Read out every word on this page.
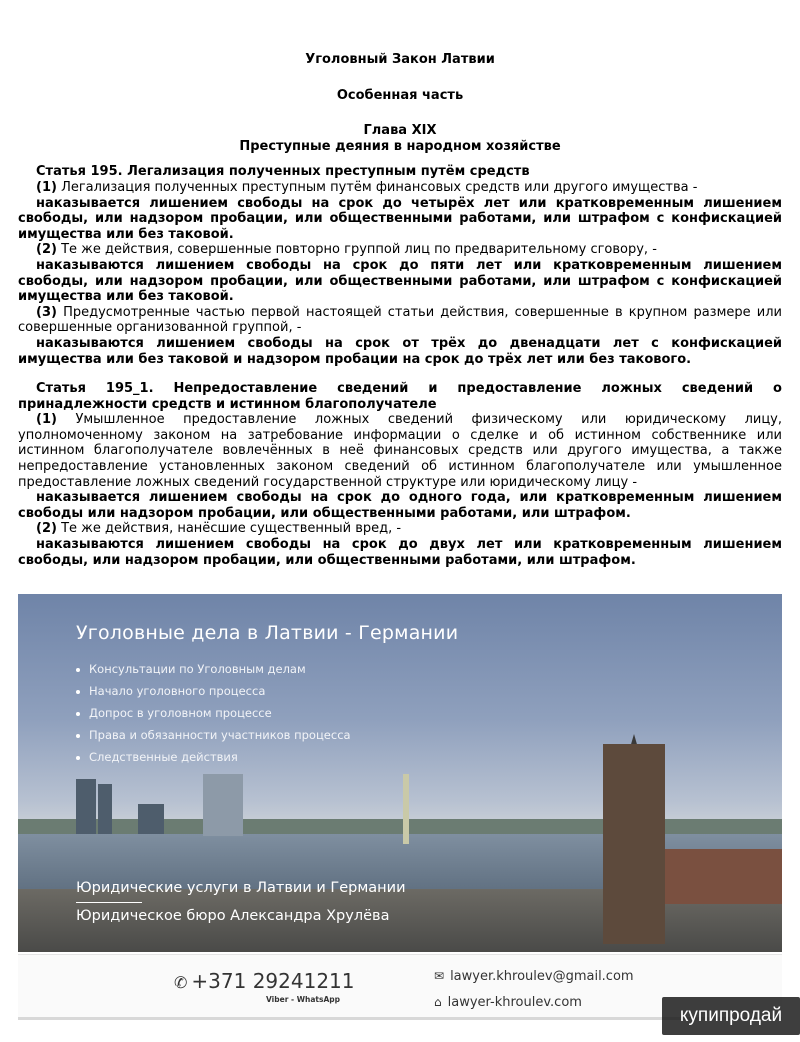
Уголовный Закон Латвии
Особенная часть
Глава XIX
Преступные деяния в народном хозяйстве
Статья 195. Легализация полученных преступным путём средств
(1) Легализация полученных преступным путём финансовых средств или другого имущества -
наказывается лишением свободы на срок до четырёх лет или кратковременным лишением свободы, или надзором пробации, или общественными работами, или штрафом с конфискацией имущества или без таковой.
(2) Те же действия, совершенные повторно группой лиц по предварительному сговору, -
наказываются лишением свободы на срок до пяти лет или кратковременным лишением свободы, или надзором пробации, или общественными работами, или штрафом с конфискацией имущества или без таковой.
(3) Предусмотренные частью первой настоящей статьи действия, совершенные в крупном размере или совершенные организованной группой, -
наказываются лишением свободы на срок от трёх до двенадцати лет с конфискацией имущества или без таковой и надзором пробации на срок до трёх лет или без такового.
Статья 195_1. Непредоставление сведений и предоставление ложных сведений о принадлежности средств и истинном благополучателе
(1) Умышленное предоставление ложных сведений физическому или юридическому лицу, уполномоченному законом на затребование информации о сделке и об истинном собственнике или истинном благополучателе вовлечённых в неё финансовых средств или другого имущества, а также непредоставление установленных законом сведений об истинном благополучателе или умышленное предоставление ложных сведений государственной структуре или юридическому лицу -
наказывается лишением свободы на срок до одного года, или кратковременным лишением свободы или надзором пробации, или общественными работами, или штрафом.
(2) Те же действия, нанёсшие существенный вред, -
наказываются лишением свободы на срок до двух лет или кратковременным лишением свободы, или надзором пробации, или общественными работами, или штрафом.
Уголовные дела в Латвии - Германии
Консультации по Уголовным делам
Начало уголовного процесса
Допрос в уголовном процессе
Права и обязанности участников процесса
Следственные действия
Юридические услуги в Латвии и Германии
Юридическое бюро Александра Хрулёва
✆ +371 29241211
Viber - WhatsApp
✉ lawyer.khroulev@gmail.com
⌂ lawyer-khroulev.com
купипродай
